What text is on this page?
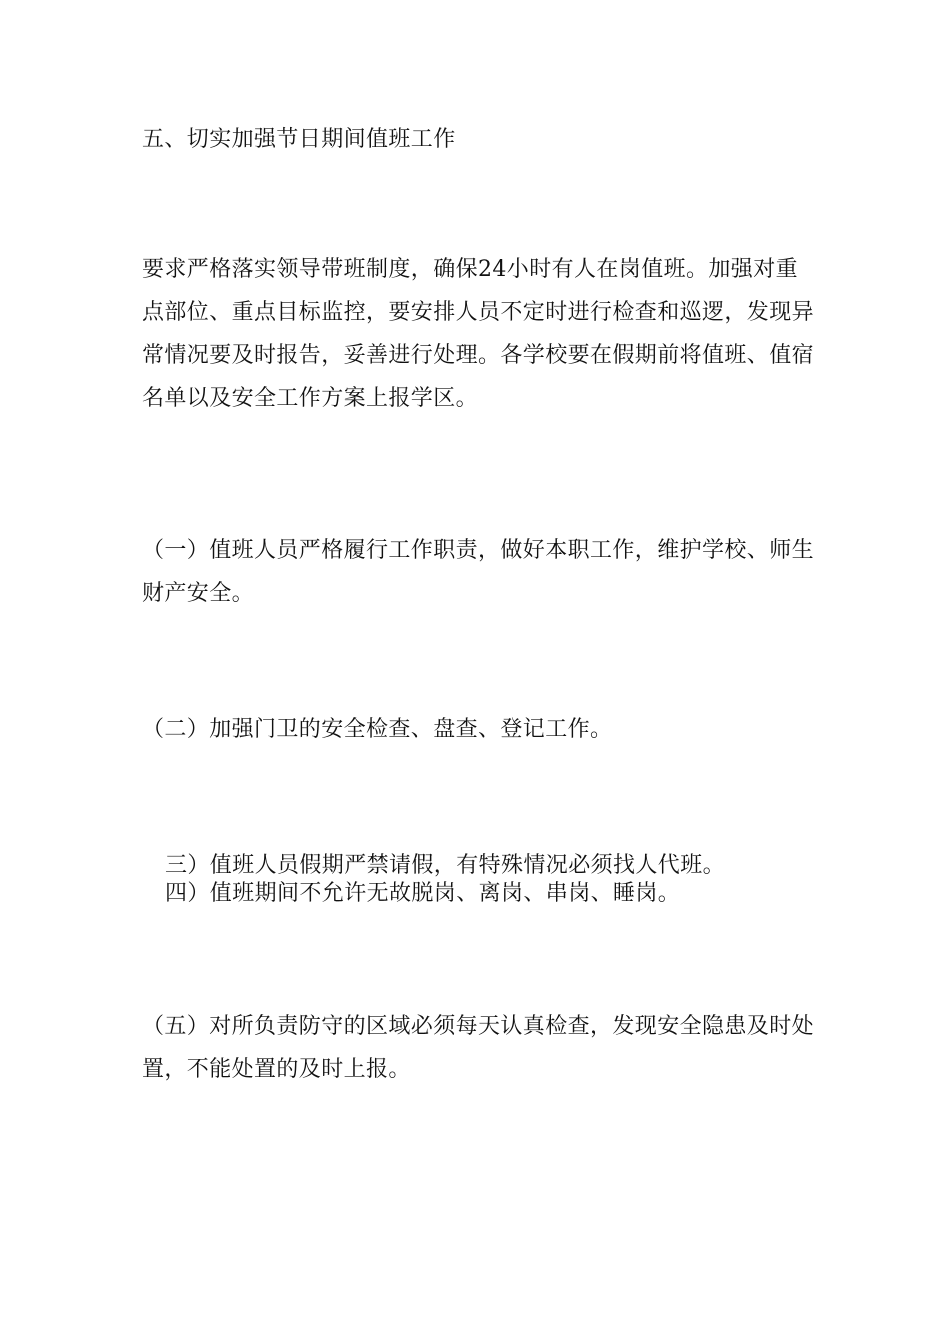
五、切实加强节日期间值班工作
要求严格落实领导带班制度，确保24小时有人在岗值班。加强对重
点部位、重点目标监控，要安排人员不定时进行检查和巡逻，发现异
常情况要及时报告，妥善进行处理。各学校要在假期前将值班、值宿
名单以及安全工作方案上报学区。
（一）值班人员严格履行工作职责，做好本职工作，维护学校、师生
财产安全。
（二）加强门卫的安全检查、盘查、登记工作。
三）值班人员假期严禁请假，有特殊情况必须找人代班。
四）值班期间不允许无故脱岗、离岗、串岗、睡岗。
（五）对所负责防守的区域必须每天认真检查，发现安全隐患及时处
置，不能处置的及时上报。
